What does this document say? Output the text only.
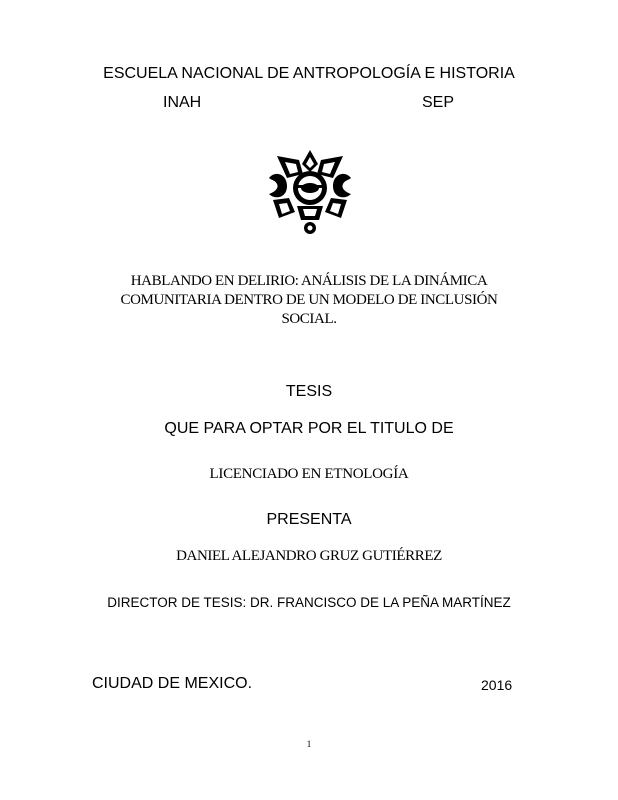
ESCUELA NACIONAL DE ANTROPOLOGÍA E HISTORIA
INAH	SEP
HABLANDO EN DELIRIO: ANÁLISIS DE LA DINÁMICA
COMUNITARIA DENTRO DE UN MODELO DE INCLUSIÓN
SOCIAL.
TESIS
QUE PARA OPTAR POR EL TITULO DE
LICENCIADO EN ETNOLOGÍA
PRESENTA
DANIEL ALEJANDRO GRUZ GUTIÉRREZ
DIRECTOR DE TESIS: DR. FRANCISCO DE LA PEÑA MARTÍNEZ
CIUDAD DE MEXICO.	2016
1
